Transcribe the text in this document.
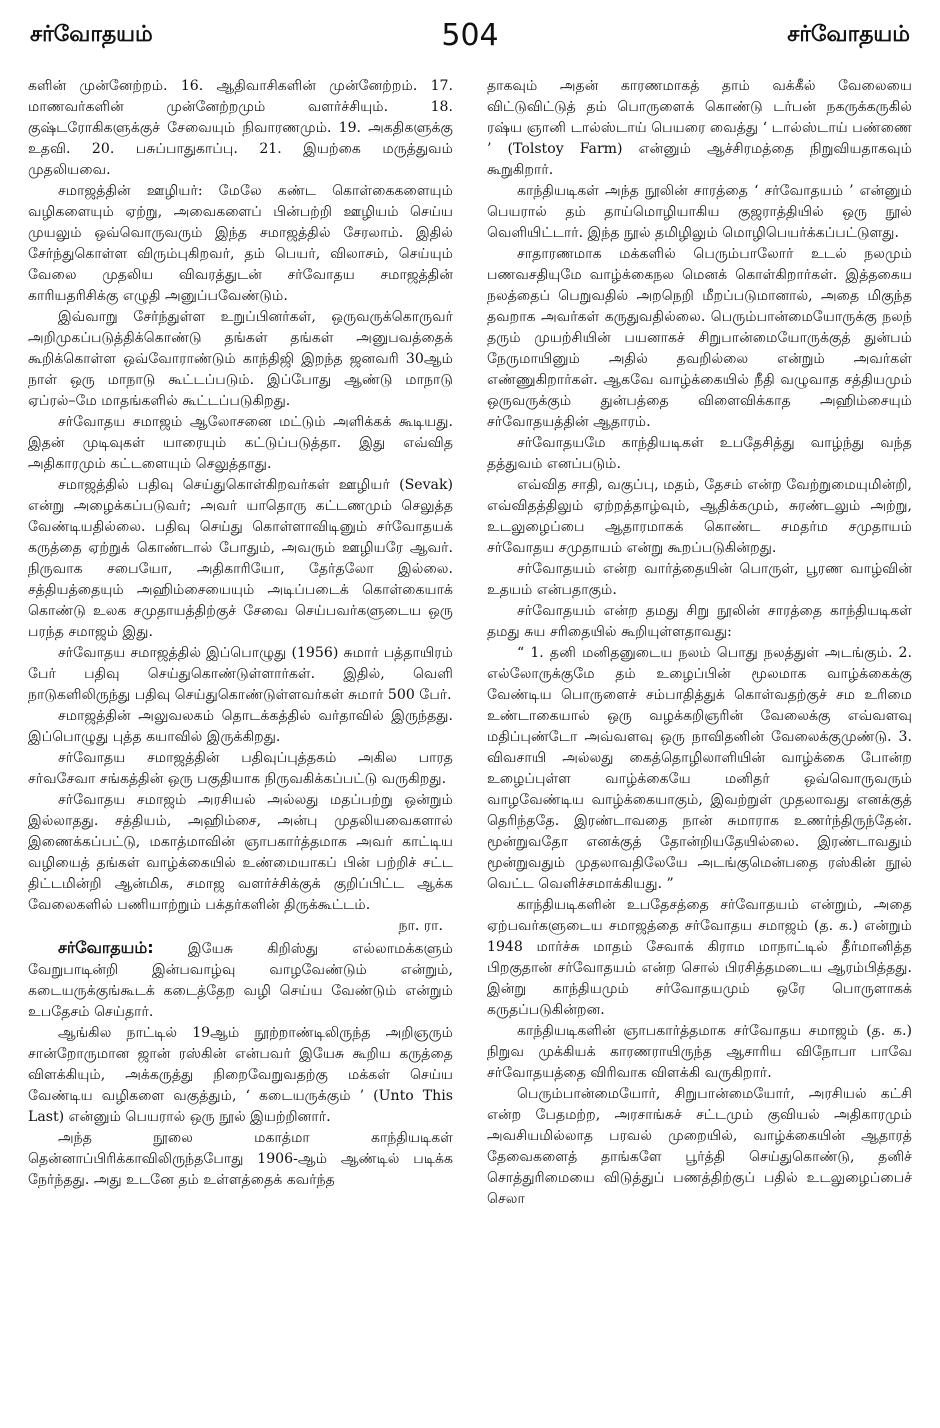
சர்வோதயம்	504	சர்வோதயம்

களின் முன்னேற்றம். 16. ஆதிவாசிகளின் முன்னேற்றம். 17. மாணவர்களின் முன்னேற்றமும் வளர்ச்சியும். 18. குஷ்டரோகிகளுக்குச் சேவையும் நிவாரணமும். 19. அகதிகளுக்கு உதவி. 20. பசுப்பாதுகாப்பு. 21. இயற்கை மருத்துவம் முதலியவை.

சமாஜத்தின் ஊழியர்: மேலே கண்ட கொள்கைகளையும் வழிகளையும் ஏற்று, அவைகளைப் பின்பற்றி ஊழியம் செய்ய முயலும் ஒவ்வொருவரும் இந்த சமாஜத்தில் சேரலாம். இதில் சேர்ந்துகொள்ள விரும்புகிறவர், தம் பெயர், விலாசம், செய்யும் வேலை முதலிய விவரத்துடன் சர்வோதய சமாஜத்தின் காரியதரிசிக்கு எழுதி அனுப்பவேண்டும்.

இவ்வாறு சேர்ந்துள்ள உறுப்பினர்கள், ஒருவருக்கொருவர் அறிமுகப்படுத்திக்கொண்டு தங்கள் தங்கள் அனுபவத்தைக் கூறிக்கொள்ள ஒவ்வோராண்டும் காந்திஜி இறந்த ஜனவரி 30ஆம் நாள் ஒரு மாநாடு கூட்டப்படும். இப்போது ஆண்டு மாநாடு ஏப்ரல்–மே மாதங்களில் கூட்டப்படுகிறது.

சர்வோதய சமாஜம் ஆலோசனை மட்டும் அளிக்கக் கூடியது. இதன் முடிவுகள் யாரையும் கட்டுப்படுத்தா. இது எவ்வித அதிகாரமும் கட்டளையும் செலுத்தாது.

சமாஜத்தில் பதிவு செய்துகொள்கிறவர்கள் ஊழியர் (Sevak) என்று அழைக்கப்படுவர்; அவர் யாதொரு கட்டணமும் செலுத்த வேண்டியதில்லை. பதிவு செய்து கொள்ளாவிடினும் சர்வோதயக் கருத்தை ஏற்றுக் கொண்டால் போதும், அவரும் ஊழியரே ஆவர். நிருவாக சபையோ, அதிகாரியோ, தேர்தலோ இல்லை. சத்தியத்தையும் அஹிம்சையையும் அடிப்படைக் கொள்கையாக் கொண்டு உலக சமுதாயத்திற்குச் சேவை செய்பவர்களுடைய ஒரு பரந்த சமாஜம் இது.

சர்வோதய சமாஜத்தில் இப்பொழுது (1956) சுமார் பத்தாயிரம் பேர் பதிவு செய்துகொண்டுள்ளார்கள். இதில், வெளி நாடுகளிலிருந்து பதிவு செய்துகொண்டுள்ளவர்கள் சுமார் 500 பேர்.

சமாஜத்தின் அலுவலகம் தொடக்கத்தில் வர்தாவில் இருந்தது. இப்பொழுது புத்த கயாவில் இருக்கிறது.

சர்வோதய சமாஜத்தின் பதிவுப்புத்தகம் அகில பாரத சர்வசேவா சங்கத்தின் ஒரு பகுதியாக நிருவகிக்கப்பட்டு வருகிறது.

சர்வோதய சமாஜம் அரசியல் அல்லது மதப்பற்று ஒன்றும் இல்லாதது. சத்தியம், அஹிம்சை, அன்பு முதலியவைகளால் இணைக்கப்பட்டு, மகாத்மாவின் ஞாபகார்த்தமாக அவர் காட்டிய வழியைத் தங்கள் வாழ்க்கையில் உண்மையாகப் பின் பற்றிச் சட்ட திட்டமின்றி ஆன்மிக, சமாஜ வளர்ச்சிக்குக் குறிப்பிட்ட ஆக்க வேலைகளில் பணியாற்றும் பக்தர்களின் திருக்கூட்டம்.

நா. ரா.

சர்வோதயம்: இயேசு கிறிஸ்து எல்லாமக்களும் வேறுபாடின்றி இன்பவாழ்வு வாழவேண்டும் என்றும், கடையருக்குங்கூடக் கடைத்தேற வழி செய்ய வேண்டும் என்றும் உபதேசம் செய்தார்.

ஆங்கில நாட்டில் 19ஆம் நூற்றாண்டிலிருந்த அறிஞரும் சான்றோருமான ஜான் ரஸ்கின் என்பவர் இயேசு கூறிய கருத்தை விளக்கியும், அக்கருத்து நிறைவேறுவதற்கு மக்கள் செய்ய வேண்டிய வழிகளை வகுத்தும், ‘ கடையருக்கும் ’ (Unto This Last) என்னும் பெயரால் ஒரு நூல் இயற்றினார்.

அந்த நூலை மகாத்மா காந்தியடிகள் தென்னாப்பிரிக்காவிலிருந்தபோது 1906-ஆம் ஆண்டில் படிக்க நேர்ந்தது. அது உடனே தம் உள்ளத்தைக் கவர்ந்த

தாகவும் அதன் காரணமாகத் தாம் வக்கீல் வேலையை விட்டுவிட்டுத் தம் பொருளைக் கொண்டு டர்பன் நகருக்கருகில் ரஷ்ய ஞானி டால்ஸ்டாய் பெயரை வைத்து ‘ டால்ஸ்டாய் பண்ணை ’ (Tolstoy Farm) என்னும் ஆச்சிரமத்தை நிறுவியதாகவும் கூறுகிறார்.

காந்தியடிகள் அந்த நூலின் சாரத்தை ‘ சர்வோதயம் ’ என்னும் பெயரால் தம் தாய்மொழியாகிய குஜராத்தியில் ஒரு நூல் வெளியிட்டார். இந்த நூல் தமிழிலும் மொழிபெயர்க்கப்பட்டுளது.

சாதாரணமாக மக்களில் பெரும்பாலோர் உடல் நலமும் பணவசதியுமே வாழ்க்கைநல மெனக் கொள்கிறார்கள். இத்தகைய நலத்தைப் பெறுவதில் அறநெறி மீறப்படுமானால், அதை மிகுந்த தவறாக அவர்கள் கருதுவதில்லை. பெரும்பான்மையோருக்கு நலந் தரும் முயற்சியின் பயனாகச் சிறுபான்மையோருக்குத் துன்பம் நேருமாயினும் அதில் தவறில்லை என்றும் அவர்கள் எண்ணுகிறார்கள். ஆகவே வாழ்க்கையில் நீதி வழுவாத சத்தியமும் ஒருவருக்கும் துன்பத்தை விளைவிக்காத அஹிம்சையும் சர்வோதயத்தின் ஆதாரம்.

சர்வோதயமே காந்தியடிகள் உபதேசித்து வாழ்ந்து வந்த தத்துவம் எனப்படும்.

எவ்வித சாதி, வகுப்பு, மதம், தேசம் என்ற வேற்றுமையுமின்றி, எவ்விதத்திலும் ஏற்றத்தாழ்வும், ஆதிக்கமும், சுரண்டலும் அற்று, உடலுழைப்பை ஆதாரமாகக் கொண்ட சமதர்ம சமுதாயம் சர்வோதய சமுதாயம் என்று கூறப்படுகின்றது.

சர்வோதயம் என்ற வார்த்தையின் பொருள், பூரண வாழ்வின் உதயம் என்பதாகும்.

சர்வோதயம் என்ற தமது சிறு நூலின் சாரத்தை காந்தியடிகள் தமது சுய சரிதையில் கூறியுள்ளதாவது:

“ 1. தனி மனிதனுடைய நலம் பொது நலத்துள் அடங்கும். 2. எல்லோருக்குமே தம் உழைப்பின் மூலமாக வாழ்க்கைக்கு வேண்டிய பொருளைச் சம்பாதித்துக் கொள்வதற்குச் சம உரிமை உண்டாகையால் ஒரு வழக்கறிஞரின் வேலைக்கு எவ்வளவு மதிப்புண்டோ அவ்வளவு ஒரு நாவிதனின் வேலைக்குமுண்டு. 3. விவசாயி அல்லது கைத்தொழிலாளியின் வாழ்க்கை போன்ற உழைப்புள்ள வாழ்க்கையே மனிதர் ஒவ்வொருவரும் வாழவேண்டிய வாழ்க்கையாகும், இவற்றுள் முதலாவது எனக்குத் தெரிந்ததே. இரண்டாவதை நான் சுமாராக உணர்ந்திருந்தேன். மூன்றுவதோ எனக்குத் தோன்றியதேயில்லை. இரண்டாவதும் மூன்றுவதும் முதலாவதிலேயே அடங்குமென்பதை ரஸ்கின் நூல் வெட்ட வெளிச்சமாக்கியது. ”

காந்தியடிகளின் உபதேசத்தை சர்வோதயம் என்றும், அதை ஏற்பவர்களுடைய சமாஜத்தை சர்வோதய சமாஜம் (த. க.) என்றும் 1948 மார்ச்சு மாதம் சேவாக் கிராம மாநாட்டில் தீர்மானித்த பிறகுதான் சர்வோதயம் என்ற சொல் பிரசித்தமடைய ஆரம்பித்தது. இன்று காந்தியமும் சர்வோதயமும் ஒரே பொருளாகக் கருதப்படுகின்றன.

காந்தியடிகளின் ஞாபகார்த்தமாக சர்வோதய சமாஜம் (த. க.) நிறுவ முக்கியக் காரணராயிருந்த ஆசாரிய விநோபா பாவே சர்வோதயத்தை விரிவாக விளக்கி வருகிறார்.

பெரும்பான்மையோர், சிறுபான்மையோர், அரசியல் கட்சி என்ற பேதமற்ற, அரசாங்கச் சட்டமும் குவியல் அதிகாரமும் அவசியமில்லாத பரவல் முறையில், வாழ்க்கையின் ஆதாரத் தேவைகளைத் தாங்களே பூர்த்தி செய்துகொண்டு, தனிச் சொத்துரிமையை விடுத்துப் பணத்திற்குப் பதில் உடலுழைப்பைச் செலா
